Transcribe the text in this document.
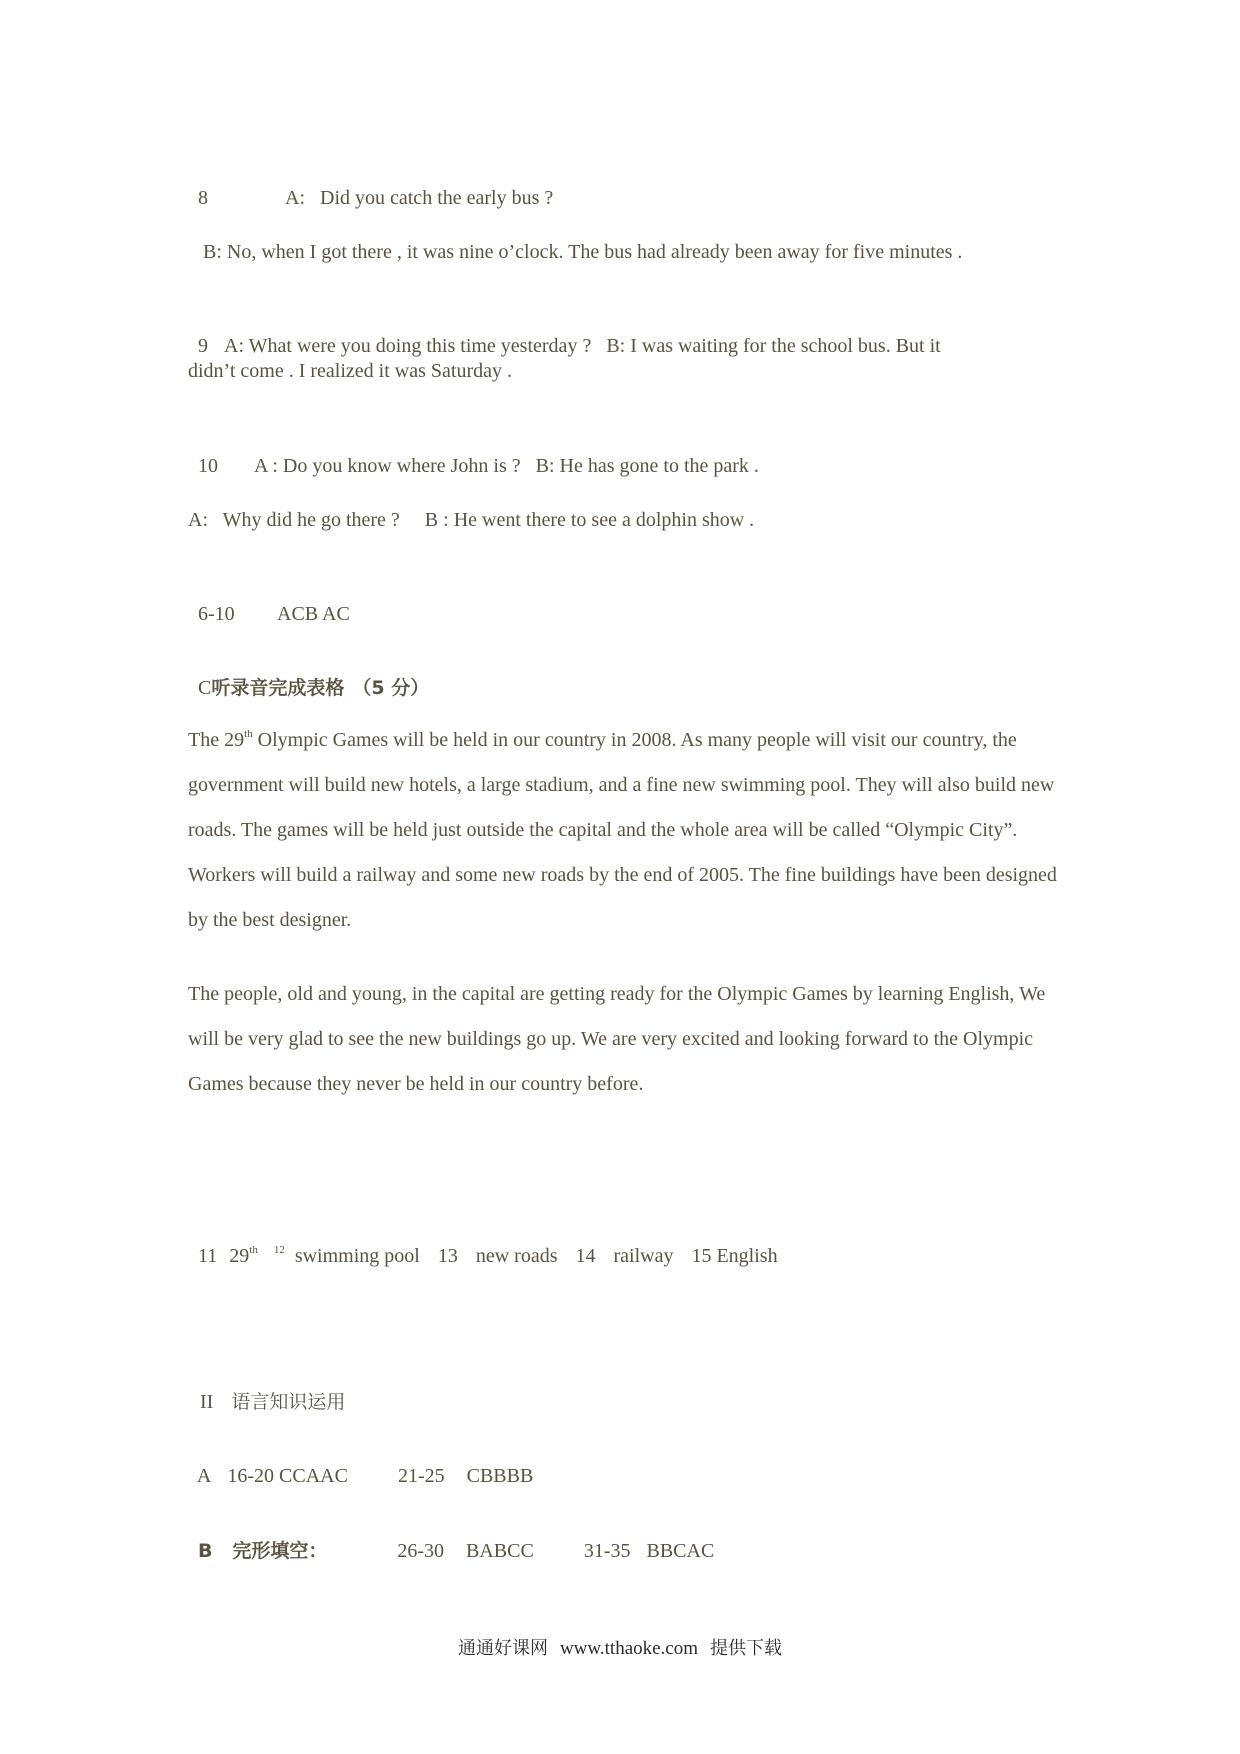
8	A:   Did you catch the early bus ?

B: No, when I got there , it was nine o’clock. The bus had already been away for five minutes .

9 A: What were you doing this time yesterday ?   B: I was waiting for the school bus. But it

didn’t come . I realized it was Saturday .

10 A : Do you know where John is ?   B: He has gone to the park .

A:   Why did he go there ?     B : He went there to see a dolphin show .

6-10 ACB AC

C听录音完成表格 （5 分）

The 29th Olympic Games will be held in our country in 2008. As many people will visit our country, the government will build new hotels, a large stadium, and a fine new swimming pool. They will also build new roads. The games will be held just outside the capital and the whole area will be called “Olympic City”. Workers will build a railway and some new roads by the end of 2005. The fine buildings have been designed by the best designer.

The people, old and young, in the capital are getting ready for the Olympic Games by learning English, We will be very glad to see the new buildings go up. We are very excited and looking forward to the Olympic Games because they never be held in our country before.

11 29th $^{12}$ swimming pool 13 new roads 14 railway 15 English

II 语言知识运用

A 16-20 CCAAC	21-25 CBBBB

B   完形填空：	26-30 BABCC	31-35 BBCAC

通通好课网 www.tthaoke.com 提供下载
